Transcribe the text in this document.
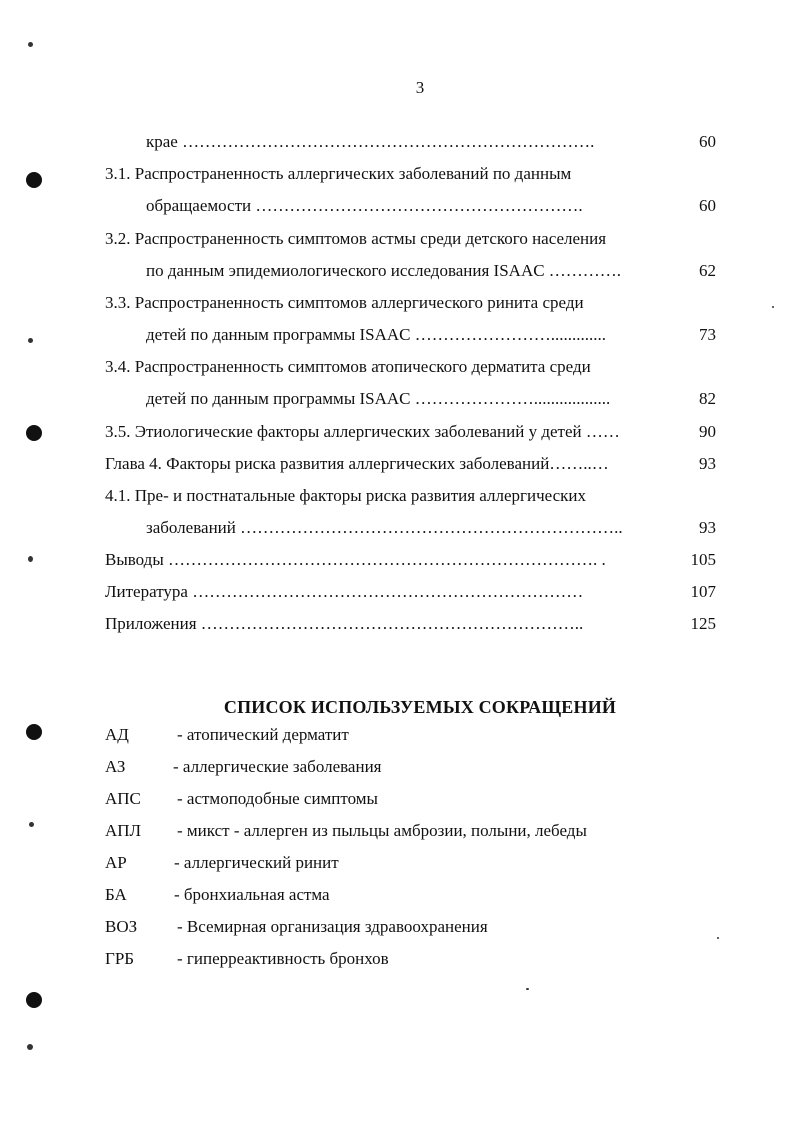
3
крае ……………………………………………………………….	60
3.1. Распространенность аллергических заболеваний по данным
обращаемости ………………………………………………….	60
3.2. Распространенность симптомов астмы среди детского населения
по данным эпидемиологического исследования ISAAC ………….	62
3.3. Распространенность симптомов аллергического ринита среди
детей по данным программы ISAAC …………………….............	73
3.4. Распространенность симптомов атопического дерматита среди
детей по данным программы ISAAC …………………..................	82
3.5. Этиологические факторы аллергических заболеваний у детей ……	90
Глава 4. Факторы риска развития аллергических заболеваний……..…	93
4.1. Пре- и постнатальные факторы риска развития аллергических
заболеваний …………………………………………………………..	93
Выводы …………………………………………………………………. .	105
Литература ……………………………………………………………	107
Приложения …………………………………………………………..	125
СПИСОК ИСПОЛЬЗУЕМЫХ СОКРАЩЕНИЙ
АД	- атопический дерматит
АЗ	- аллергические заболевания
АПС - астмоподобные симптомы
АПЛ - микст - аллерген из пыльцы амброзии, полыни, лебеды
АР	- аллергический ринит
БА	- бронхиальная астма
ВОЗ - Всемирная организация здравоохранения
ГРБ	- гиперреактивность бронхов
